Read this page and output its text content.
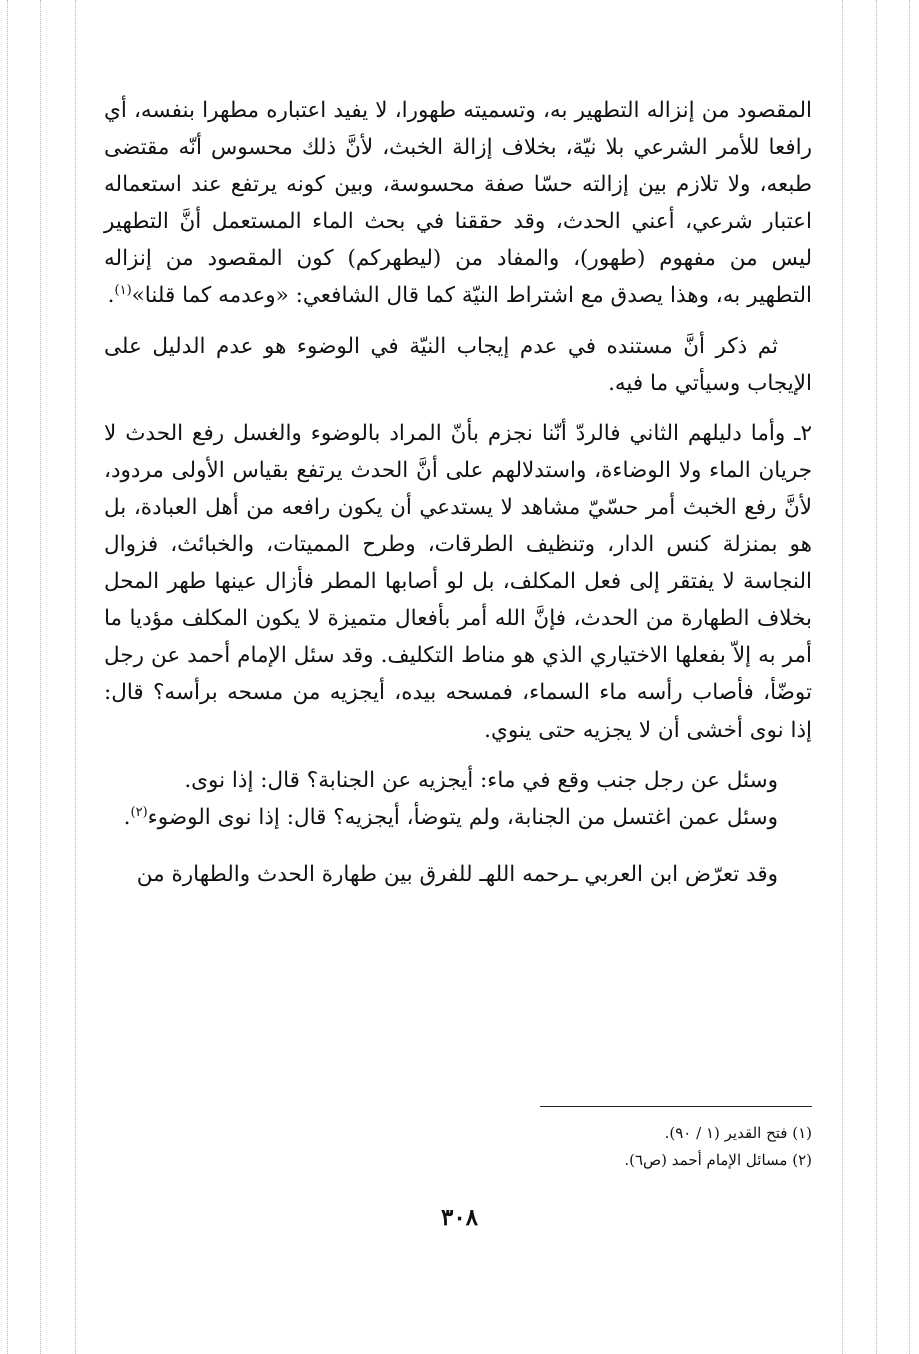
المقصود من إنزاله التطهير به، وتسميته طهورا، لا يفيد اعتباره مطهرا بنفسه، أي رافعا للأمر الشرعي بلا نيّة، بخلاف إزالة الخبث، لأنَّ ذلك محسوس أنّه مقتضى طبعه، ولا تلازم بين إزالته حسّا صفة محسوسة، وبين كونه يرتفع عند استعماله اعتبار شرعي، أعني الحدث، وقد حققنا في بحث الماء المستعمل أنَّ التطهير ليس من مفهوم (طهور)، والمفاد من (ليطهركم) كون المقصود من إنزاله التطهير به، وهذا يصدق مع اشتراط النيّة كما قال الشافعي: «وعدمه كما قلنا»$^{(١)}$.

ثم ذكر أنَّ مستنده في عدم إيجاب النيّة في الوضوء هو عدم الدليل على الإيجاب وسيأتي ما فيه.

٢ـ وأما دليلهم الثاني فالردّ أنّنا نجزم بأنّ المراد بالوضوء والغسل رفع الحدث لا جريان الماء ولا الوضاءة، واستدلالهم على أنَّ الحدث يرتفع بقياس الأولى مردود، لأنَّ رفع الخبث أمر حسّيّ مشاهد لا يستدعي أن يكون رافعه من أهل العبادة، بل هو بمنزلة كنس الدار، وتنظيف الطرقات، وطرح المميتات، والخبائث، فزوال النجاسة لا يفتقر إلى فعل المكلف، بل لو أصابها المطر فأزال عينها طهر المحل بخلاف الطهارة من الحدث، فإنَّ الله أمر بأفعال متميزة لا يكون المكلف مؤديا ما أمر به إلاّ بفعلها الاختياري الذي هو مناط التكليف. وقد سئل الإمام أحمد عن رجل توضّأ، فأصاب رأسه ماء السماء، فمسحه بيده، أيجزيه من مسحه برأسه؟ قال: إذا نوى أخشى أن لا يجزيه حتى ينوي.

وسئل عن رجل جنب وقع في ماء: أيجزيه عن الجنابة؟ قال: إذا نوى.

وسئل عمن اغتسل من الجنابة، ولم يتوضأ، أيجزيه؟ قال: إذا نوى الوضوء$^{(٢)}$.

وقد تعرّض ابن العربي ـرحمه اللهـ للفرق بين طهارة الحدث والطهارة من

(١) فتح القدير (١ / ٩٠).

(٢) مسائل الإمام أحمد (ص٦).

٣٠٨
